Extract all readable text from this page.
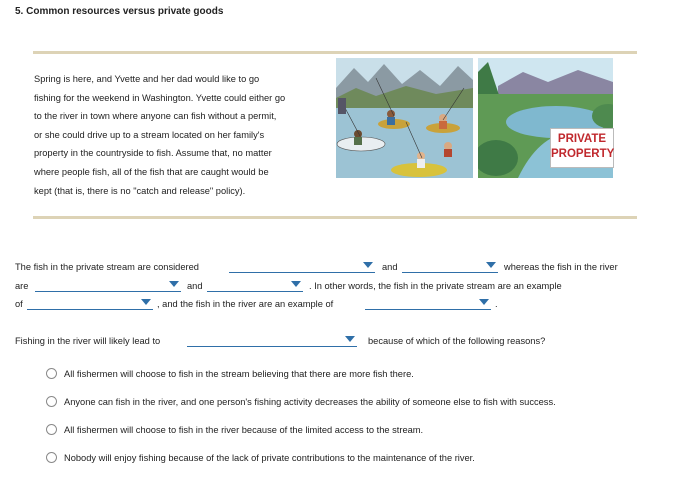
5. Common resources versus private goods

Spring is here, and Yvette and her dad would like to go

fishing for the weekend in Washington. Yvette could either go

to the river in town where anyone can fish without a permit,

or she could drive up to a stream located on her family's

property in the countryside to fish. Assume that, no matter

where people fish, all of the fish that are caught would be

kept (that is, there is no "catch and release" policy).

PRIVATE
PROPERTY
The fish in the private stream are considered	and	whereas the fish in the river
are	and	. In other words, the fish in the private stream are an example
of	, and the fish in the river are an example of	.
Fishing in the river will likely lead to	because of which of the following reasons?
All fishermen will choose to fish in the stream believing that there are more fish there.
Anyone can fish in the river, and one person's fishing activity decreases the ability of someone else to fish with success.
All fishermen will choose to fish in the river because of the limited access to the stream.
Nobody will enjoy fishing because of the lack of private contributions to the maintenance of the river.
